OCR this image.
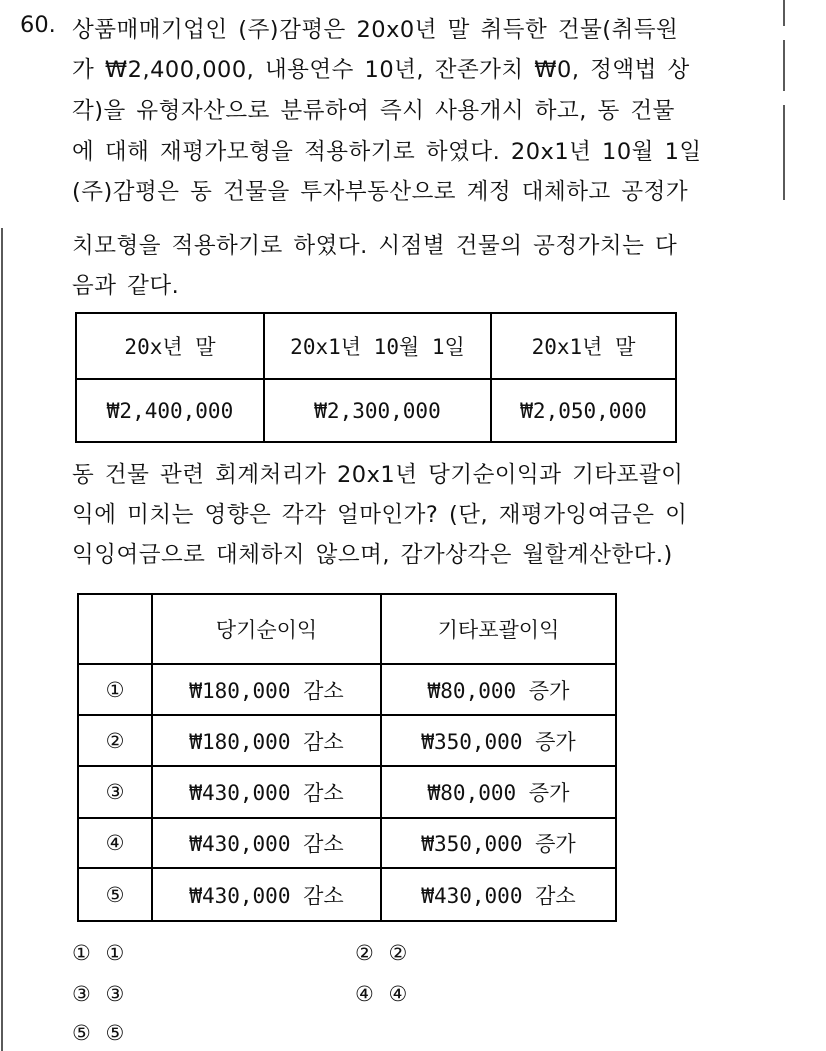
60. 상품매매기업인 (주)감평은 20x0년 말 취득한 건물(취득원
가 ₩2,400,000, 내용연수 10년, 잔존가치 ₩0, 정액법 상
각)을 유형자산으로 분류하여 즉시 사용개시 하고, 동 건물
에 대해 재평가모형을 적용하기로 하였다. 20x1년 10월 1일
(주)감평은 동 건물을 투자부동산으로 계정 대체하고 공정가
치모형을 적용하기로 하였다. 시점별 건물의 공정가치는 다
음과 같다.
20x년 말	20x1년 10월 1일	20x1년 말
₩2,400,000	₩2,300,000	₩2,050,000
동 건물 관련 회계처리가 20x1년 당기순이익과 기타포괄이
익에 미치는 영향은 각각 얼마인가? (단, 재평가잉여금은 이
익잉여금으로 대체하지 않으며, 감가상각은 월할계산한다.)
	당기순이익	기타포괄이익
①	₩180,000 감소	₩80,000 증가
②	₩180,000 감소	₩350,000 증가
③	₩430,000 감소	₩80,000 증가
④	₩430,000 감소	₩350,000 증가
⑤	₩430,000 감소	₩430,000 감소
① ①	② ②
③ ③	④ ④
⑤ ⑤
